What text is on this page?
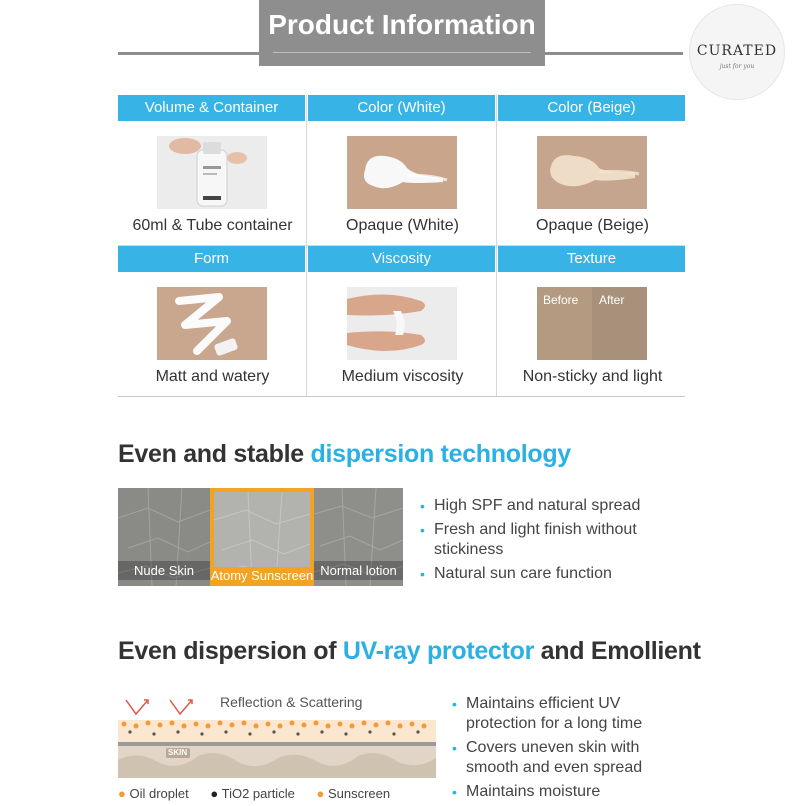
Product Information
CURATED
just for you
Volume & Container
60ml & Tube container
Color (White)
Opaque (White)
Color (Beige)
Opaque (Beige)
Form
Matt and watery
Viscosity
Medium viscosity
Texture
Before After
Non-sticky and light
Even and stable dispersion technology
Nude Skin	Atomy Sunscreen Normal lotion
• High SPF and natural spread
• Fresh and light finish without stickiness
• Natural sun care function
Even dispersion of UV-ray protector and Emollient
Reflection & Scattering
SKIN
● Oil droplet ● TiO2 particle ● Sunscreen
• Maintains efficient UV protection for a long time
• Covers uneven skin with smooth and even spread
• Maintains moisture
